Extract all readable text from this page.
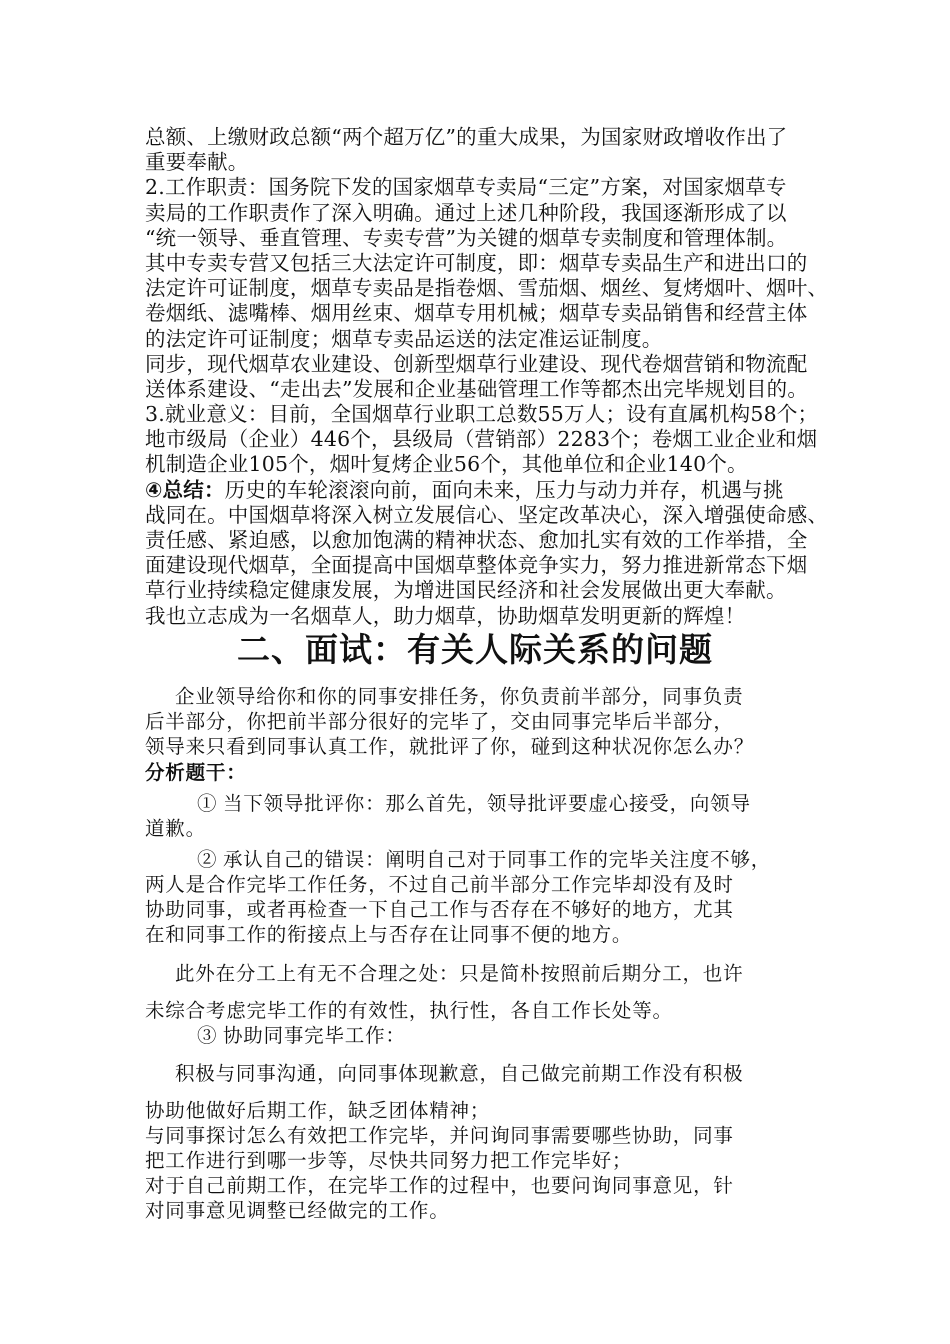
总额、上缴财政总额“两个超万亿”的重大成果，为国家财政增收作出了
重要奉献。
2.工作职责：国务院下发的国家烟草专卖局“三定”方案，对国家烟草专
卖局的工作职责作了深入明确。通过上述几种阶段，我国逐渐形成了以
“统一领导、垂直管理、专卖专营”为关键的烟草专卖制度和管理体制。
其中专卖专营又包括三大法定许可制度，即：烟草专卖品生产和进出口的
法定许可证制度，烟草专卖品是指卷烟、雪茄烟、烟丝、复烤烟叶、烟叶、
卷烟纸、滤嘴棒、烟用丝束、烟草专用机械；烟草专卖品销售和经营主体
的法定许可证制度；烟草专卖品运送的法定准运证制度。
同步，现代烟草农业建设、创新型烟草行业建设、现代卷烟营销和物流配
送体系建设、“走出去”发展和企业基础管理工作等都杰出完毕规划目的。
3.就业意义：目前，全国烟草行业职工总数55万人；设有直属机构58个；
地市级局（企业）446个，县级局（营销部）2283个；卷烟工业企业和烟
机制造企业105个，烟叶复烤企业56个，其他单位和企业140个。
④总结：历史的车轮滚滚向前，面向未来，压力与动力并存，机遇与挑
战同在。中国烟草将深入树立发展信心、坚定改革决心，深入增强使命感、
责任感、紧迫感，以愈加饱满的精神状态、愈加扎实有效的工作举措，全
面建设现代烟草，全面提高中国烟草整体竞争实力，努力推进新常态下烟
草行业持续稳定健康发展，为增进国民经济和社会发展做出更大奉献。
我也立志成为一名烟草人，助力烟草，协助烟草发明更新的辉煌！
二、面试：有关人际关系的问题
企业领导给你和你的同事安排任务，你负责前半部分，同事负责
后半部分，你把前半部分很好的完毕了，交由同事完毕后半部分，
领导来只看到同事认真工作，就批评了你，碰到这种状况你怎么办？
分析题干：
① 当下领导批评你：那么首先，领导批评要虚心接受，向领导
道歉。
② 承认自己的错误：阐明自己对于同事工作的完毕关注度不够，
两人是合作完毕工作任务，不过自己前半部分工作完毕却没有及时
协助同事，或者再检查一下自己工作与否存在不够好的地方，尤其
在和同事工作的衔接点上与否存在让同事不便的地方。
此外在分工上有无不合理之处：只是简朴按照前后期分工，也许
未综合考虑完毕工作的有效性，执行性，各自工作长处等。
③ 协助同事完毕工作：
积极与同事沟通，向同事体现歉意，自己做完前期工作没有积极
协助他做好后期工作，缺乏团体精神；
与同事探讨怎么有效把工作完毕，并问询同事需要哪些协助，同事
把工作进行到哪一步等，尽快共同努力把工作完毕好；
对于自己前期工作，在完毕工作的过程中，也要问询同事意见，针
对同事意见调整已经做完的工作。
